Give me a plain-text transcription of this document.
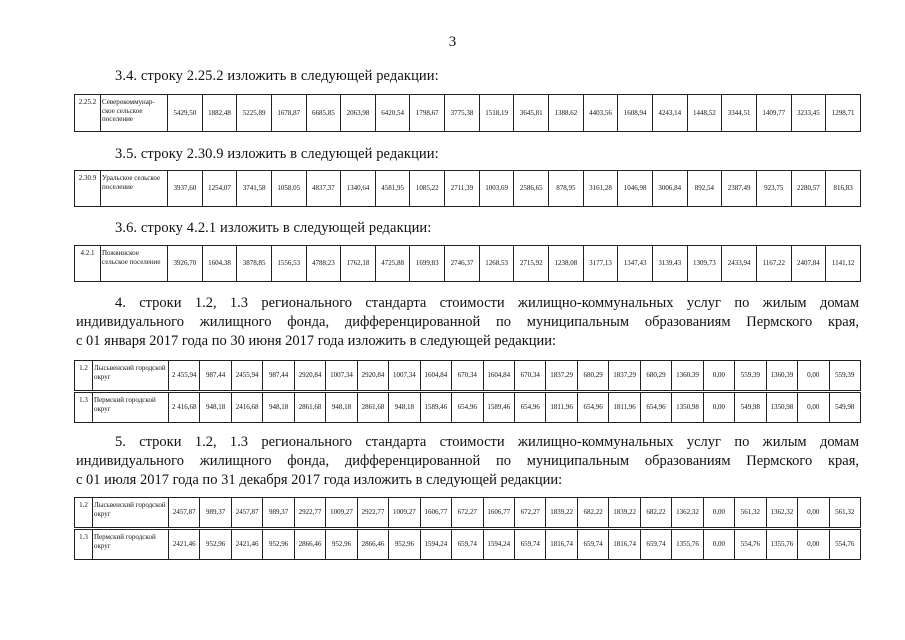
3
3.4. строку 2.25.2 изложить в следующей редакции:
2.25.2	Северокоммунар-ское сельское поселение	5429,50	1882,48	5225,89	1678,87	6685,85	2063,98	6420,54	1798,67	3775,38	1518,19	3645,81	1388,62	4403,56	1608,94	4243,14	1448,52	3344,51	1409,77	3233,45	1298,71
3.5. строку 2.30.9 изложить в следующей редакции:
2.30.9	Уральское сельское поселение	3937,60	1254,07	3741,58	1058,05	4837,37	1340,64	4581,95	1085,22	2711,39	1003,69	2586,65	878,95	3161,28	1046,98	3006,84	892,54	2387,49	923,75	2280,57	816,83
3.6. строку 4.2.1 изложить в следующей редакции:
4.2.1	Пожвинское сельское поселение	3926,70	1604,38	3878,85	1556,53	4788,23	1762,18	4725,88	1699,83	2746,37	1268,53	2715,92	1238,08	3177,13	1347,43	3139,43	1309,73	2433,94	1167,22	2407,84	1141,12
4. строки 1.2, 1.3 регионального стандарта стоимости жилищно-коммунальных услуг по жилым домам
индивидуального жилищного фонда, дифференцированной по муниципальным образованиям Пермского края,
с 01 января 2017 года по 30 июня 2017 года изложить в следующей редакции:
1.2	Лысьвенский городской округ	2 455,94	987,44	2455,94	987,44	2920,84	1007,34	2920,84	1007,34	1604,84	670,34	1604,84	670,34	1837,29	680,29	1837,29	680,29	1360,39	0,00	559,39	1360,39	0,00	559,39
1.3	Пермский городской округ	2 416,68	948,18	2416,68	948,18	2861,68	948,18	2861,68	948,18	1589,46	654,96	1589,46	654,96	1811,96	654,96	1811,96	654,96	1350,98	0,00	549,98	1350,98	0,00	549,98
5. строки 1.2, 1.3 регионального стандарта стоимости жилищно-коммунальных услуг по жилым домам
индивидуального жилищного фонда, дифференцированной по муниципальным образованиям Пермского края,
с 01 июля 2017 года по 31 декабря 2017 года изложить в следующей редакции:
1.2	Лысьвенский городской округ	2457,87	989,37	2457,87	989,37	2922,77	1009,27	2922,77	1009,27	1606,77	672,27	1606,77	672,27	1839,22	682,22	1839,22	682,22	1362,32	0,00	561,32	1362,32	0,00	561,32
1.3	Пермский городской округ	2421,46	952,96	2421,46	952,96	2866,46	952,96	2866,46	952,96	1594,24	659,74	1594,24	659,74	1816,74	659,74	1816,74	659,74	1355,76	0,00	554,76	1355,76	0,00	554,76
